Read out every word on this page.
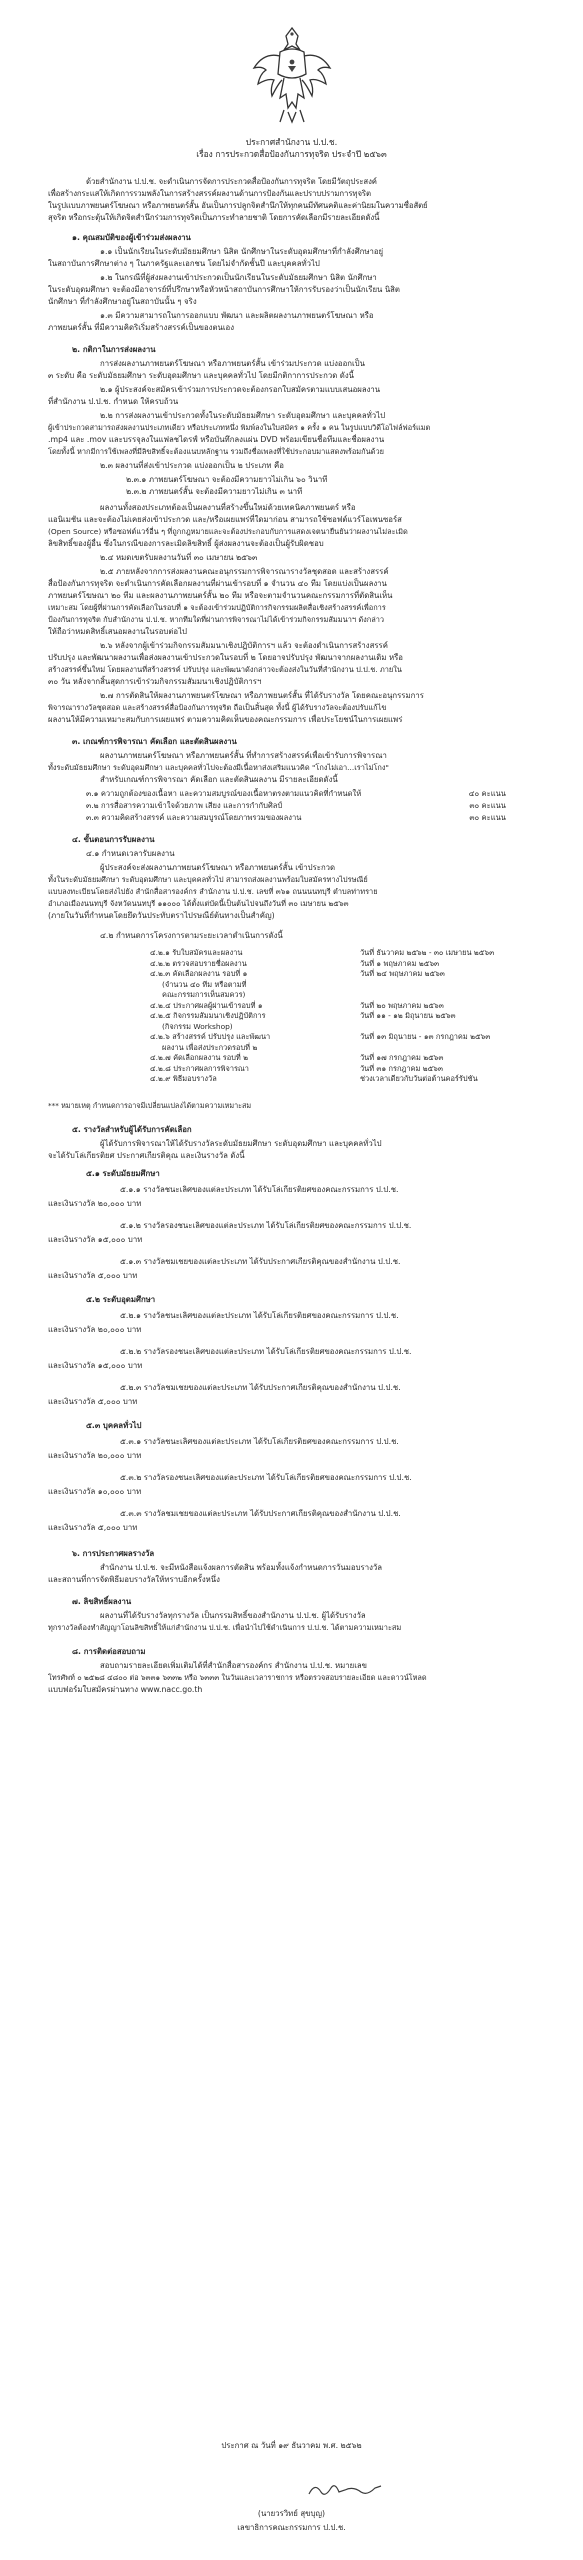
ประกาศสำนักงาน ป.ป.ช.
เรื่อง การประกวดสื่อป้องกันการทุจริต ประจำปี ๒๕๖๓
ด้วยสำนักงาน ป.ป.ช. จะดำเนินการจัดการประกวดสื่อป้องกันการทุจริต โดยมีวัตถุประสงค์
เพื่อสร้างกระแสให้เกิดการรวมพลังในการสร้างสรรค์ผลงานด้านการป้องกันและปราบปรามการทุจริต
ในรูปแบบภาพยนตร์โฆษณา หรือภาพยนตร์สั้น อันเป็นการปลูกจิตสำนึกให้ทุกคนมีทัศนคติและค่านิยมในความซื่อสัตย์
สุจริต หรือกระตุ้นให้เกิดจิตสำนึกร่วมการทุจริตเป็นภาระทำลายชาติ โดยการคัดเลือกมีรายละเอียดดังนี้
๑. คุณสมบัติของผู้เข้าร่วมส่งผลงาน
๑.๑ เป็นนักเรียนในระดับมัธยมศึกษา นิสิต นักศึกษาในระดับอุดมศึกษาที่กำลังศึกษาอยู่
ในสถาบันการศึกษาต่าง ๆ ในภาครัฐและเอกชน โดยไม่จำกัดชั้นปี และบุคคลทั่วไป
๑.๒ ในกรณีที่ผู้ส่งผลงานเข้าประกวดเป็นนักเรียนในระดับมัธยมศึกษา นิสิต นักศึกษา
ในระดับอุดมศึกษา จะต้องมีอาจารย์ที่ปรึกษาหรือหัวหน้าสถาบันการศึกษาให้การรับรองว่าเป็นนักเรียน นิสิต
นักศึกษา ที่กำลังศึกษาอยู่ในสถาบันนั้น ๆ จริง
๑.๓ มีความสามารถในการออกแบบ พัฒนา และผลิตผลงานภาพยนตร์โฆษณา หรือ
ภาพยนตร์สั้น ที่มีความคิดริเริ่มสร้างสรรค์เป็นของตนเอง
๒. กติกาในการส่งผลงาน
การส่งผลงานภาพยนตร์โฆษณา หรือภาพยนตร์สั้น เข้าร่วมประกวด แบ่งออกเป็น
๓ ระดับ คือ ระดับมัธยมศึกษา ระดับอุดมศึกษา และบุคคลทั่วไป โดยมีกติกาการประกวด ดังนี้
๒.๑ ผู้ประสงค์จะสมัครเข้าร่วมการประกวดจะต้องกรอกใบสมัครตามแบบเสนอผลงาน
ที่สำนักงาน ป.ป.ช. กำหนด ให้ครบถ้วน
๒.๒ การส่งผลงานเข้าประกวดทั้งในระดับมัธยมศึกษา ระดับอุดมศึกษา และบุคคลทั่วไป
ผู้เข้าประกวดสามารถส่งผลงานประเภทเดียว หรือประเภทหนึ่ง พิมพ์ลงในใบสมัคร ๑ ครั้ง ๑ คน ในรูปแบบวิดีโอไฟล์ฟอร์แมต
.mp4 และ .mov และบรรจุลงในแฟลชไดรฟ์ หรือบันทึกลงแผ่น DVD พร้อมเขียนชื่อทีมและชื่อผลงาน
โดยทั้งนี้ หากมีการใช้เพลงที่มีลิขสิทธิ์จะต้องแนบหลักฐาน รวมถึงชื่อเพลงที่ใช้ประกอบมาแสดงพร้อมกันด้วย
๒.๓ ผลงานที่ส่งเข้าประกวด แบ่งออกเป็น ๒ ประเภท คือ
๒.๓.๑ ภาพยนตร์โฆษณา จะต้องมีความยาวไม่เกิน ๖๐ วินาที
๒.๓.๒ ภาพยนตร์สั้น จะต้องมีความยาวไม่เกิน ๓ นาที
ผลงานทั้งสองประเภทต้องเป็นผลงานที่สร้างขึ้นใหม่ด้วยเทคนิคภาพยนตร์ หรือ
แอนิเมชัน และจะต้องไม่เคยส่งเข้าประกวด และ/หรือเผยแพร่ที่ใดมาก่อน สามารถใช้ซอฟต์แวร์โอเพนซอร์ส
(Open Source) หรือซอฟต์แวร์อื่น ๆ ที่ถูกกฎหมายและจะต้องประกอบกับการแสดงเจตนายืนยันว่าผลงานไม่ละเมิด
ลิขสิทธิ์ของผู้อื่น ซึ่งในกรณีของการละเมิดลิขสิทธิ์ ผู้ส่งผลงานจะต้องเป็นผู้รับผิดชอบ
๒.๔ หมดเขตรับผลงานวันที่ ๓๐ เมษายน ๒๕๖๓
๒.๕ ภายหลังจากการส่งผลงานคณะอนุกรรมการพิจารณารางวัลชุดสอด และสร้างสรรค์
สื่อป้องกันการทุจริต จะดำเนินการคัดเลือกผลงานที่ผ่านเข้ารอบที่ ๑ จำนวน ๔๐ ทีม โดยแบ่งเป็นผลงาน
ภาพยนตร์โฆษณา ๒๐ ทีม และผลงานภาพยนตร์สั้น ๒๐ ทีม หรือจะตามจำนวนคณะกรรมการที่ตัดสินเห็น
เหมาะสม โดยผู้ที่ผ่านการคัดเลือกในรอบที่ ๑ จะต้องเข้าร่วมปฏิบัติการกิจกรรมผลิตสื่อเชิงสร้างสรรค์เพื่อการ
ป้องกันการทุจริต กับสำนักงาน ป.ป.ช. หากทีมใดที่ผ่านการพิจารณาไม่ได้เข้าร่วมกิจกรรมสัมมนาฯ ดังกล่าว
ให้ถือว่าหมดสิทธิ์เสนอผลงานในรอบต่อไป
๒.๖ หลังจากผู้เข้าร่วมกิจกรรมสัมมนาเชิงปฏิบัติการฯ แล้ว จะต้องดำเนินการสร้างสรรค์
ปรับปรุง และพัฒนาผลงานเพื่อส่งผลงานเข้าประกวดในรอบที่ ๒ โดยอาจปรับปรุง พัฒนาจากผลงานเดิม หรือ
สร้างสรรค์ขึ้นใหม่ โดยผลงานที่สร้างสรรค์ ปรับปรุง และพัฒนาดังกล่าวจะต้องส่งในวันที่สำนักงาน ป.ป.ช. ภายใน
๓๐ วัน หลังจากสิ้นสุดการเข้าร่วมกิจกรรมสัมมนาเชิงปฏิบัติการฯ
๒.๗ การตัดสินให้ผลงานภาพยนตร์โฆษณา หรือภาพยนตร์สั้น ที่ได้รับรางวัล โดยคณะอนุกรรมการ
พิจารณารางวัลชุดสอด และสร้างสรรค์สื่อป้องกันการทุจริต ถือเป็นสิ้นสุด ทั้งนี้ ผู้ได้รับรางวัลจะต้องปรับแก้ไข
ผลงานให้มีความเหมาะสมกับการเผยแพร่ ตามความคิดเห็นของคณะกรรมการ เพื่อประโยชน์ในการเผยแพร่
๓. เกณฑ์การพิจารณา คัดเลือก และตัดสินผลงาน
ผลงานภาพยนตร์โฆษณา หรือภาพยนตร์สั้น ที่ทำการสร้างสรรค์เพื่อเข้ารับการพิจารณา
ทั้งระดับมัธยมศึกษา ระดับอุดมศึกษา และบุคคลทั่วไปจะต้องมีเนื้อหาส่งเสริมแนวคิด "โกงไม่เอา...เราไม่โกง"
สำหรับเกณฑ์การพิจารณา คัดเลือก และตัดสินผลงาน มีรายละเอียดดังนี้
๓.๑ ความถูกต้องของเนื้อหา และความสมบูรณ์ของเนื้อหาตรงตามแนวคิดที่กำหนดให้	๔๐ คะแนน
๓.๒ การสื่อสารความเข้าใจด้วยภาพ เสียง และการกำกับศิลป์	๓๐ คะแนน
๓.๓ ความคิดสร้างสรรค์ และความสมบูรณ์โดยภาพรวมของผลงาน	๓๐ คะแนน
๔. ขั้นตอนการรับผลงาน
๔.๑ กำหนดเวลารับผลงาน
ผู้ประสงค์จะส่งผลงานภาพยนตร์โฆษณา หรือภาพยนตร์สั้น เข้าประกวด
ทั้งในระดับมัธยมศึกษา ระดับอุดมศึกษา และบุคคลทั่วไป สามารถส่งผลงานพร้อมใบสมัครทางไปรษณีย์
แบบลงทะเบียนโดยส่งไปยัง สำนักสื่อสารองค์กร สำนักงาน ป.ป.ช. เลขที่ ๓๖๑ ถนนนนทบุรี ตำบลท่าทราย
อำเภอเมืองนนทบุรี จังหวัดนนทบุรี ๑๑๐๐๐ ได้ตั้งแต่บัดนี้เป็นต้นไปจนถึงวันที่ ๓๐ เมษายน ๒๕๖๓
(ภายในวันที่กำหนดโดยยึดวันประทับตราไปรษณีย์ต้นทางเป็นสำคัญ)
๔.๒ กำหนดการโครงการตามระยะเวลาดำเนินการดังนี้
๔.๒.๑ รับใบสมัครและผลงาน	วันที่ ธันวาคม ๒๕๖๒ - ๓๐ เมษายน ๒๕๖๓
๔.๒.๒ ตรวจสอบรายชื่อผลงาน	วันที่ ๑ พฤษภาคม ๒๕๖๓
๔.๒.๓ คัดเลือกผลงาน รอบที่ ๑	วันที่ ๒๔ พฤษภาคม ๒๕๖๓
(จำนวน ๔๐ ทีม หรือตามที่
คณะกรรมการเห็นสมควร)
๔.๒.๔ ประกาศผลผู้ผ่านเข้ารอบที่ ๑	วันที่ ๒๐ พฤษภาคม ๒๕๖๓
๔.๒.๕ กิจกรรมสัมมนาเชิงปฏิบัติการ	วันที่ ๑๑ - ๑๒ มิถุนายน ๒๕๖๓
(กิจกรรม Workshop)
๔.๒.๖ สร้างสรรค์ ปรับปรุง และพัฒนา	วันที่ ๑๓ มิถุนายน - ๑๓ กรกฎาคม ๒๕๖๓
ผลงาน เพื่อส่งประกวดรอบที่ ๒
๔.๒.๗ คัดเลือกผลงาน รอบที่ ๒	วันที่ ๑๗ กรกฎาคม ๒๕๖๓
๔.๒.๘ ประกาศผลการพิจารณา	วันที่ ๓๑ กรกฎาคม ๒๕๖๓
๔.๒.๙ พิธีมอบรางวัล	ช่วงเวลาเดียวกับวันต่อต้านคอร์รัปชัน
*** หมายเหตุ กำหนดการอาจมีเปลี่ยนแปลงได้ตามความเหมาะสม
๕. รางวัลสำหรับผู้ได้รับการคัดเลือก
ผู้ได้รับการพิจารณาให้ได้รับรางวัลระดับมัธยมศึกษา ระดับอุดมศึกษา และบุคคลทั่วไป
จะได้รับโล่เกียรติยศ ประกาศเกียรติคุณ และเงินรางวัล ดังนี้
๕.๑ ระดับมัธยมศึกษา
๕.๑.๑ รางวัลชนะเลิศของแต่ละประเภท ได้รับโล่เกียรติยศของคณะกรรมการ ป.ป.ช.
และเงินรางวัล ๒๐,๐๐๐ บาท
๕.๑.๒ รางวัลรองชนะเลิศของแต่ละประเภท ได้รับโล่เกียรติยศของคณะกรรมการ ป.ป.ช.
และเงินรางวัล ๑๕,๐๐๐ บาท
๕.๑.๓ รางวัลชมเชยของแต่ละประเภท ได้รับประกาศเกียรติคุณของสำนักงาน ป.ป.ช.
และเงินรางวัล ๕,๐๐๐ บาท
๕.๒ ระดับอุดมศึกษา
๕.๒.๑ รางวัลชนะเลิศของแต่ละประเภท ได้รับโล่เกียรติยศของคณะกรรมการ ป.ป.ช.
และเงินรางวัล ๒๐,๐๐๐ บาท
๕.๒.๒ รางวัลรองชนะเลิศของแต่ละประเภท ได้รับโล่เกียรติยศของคณะกรรมการ ป.ป.ช.
และเงินรางวัล ๑๕,๐๐๐ บาท
๕.๒.๓ รางวัลชมเชยของแต่ละประเภท ได้รับประกาศเกียรติคุณของสำนักงาน ป.ป.ช.
และเงินรางวัล ๕,๐๐๐ บาท
๕.๓ บุคคลทั่วไป
๕.๓.๑ รางวัลชนะเลิศของแต่ละประเภท ได้รับโล่เกียรติยศของคณะกรรมการ ป.ป.ช.
และเงินรางวัล ๒๐,๐๐๐ บาท
๕.๓.๒ รางวัลรองชนะเลิศของแต่ละประเภท ได้รับโล่เกียรติยศของคณะกรรมการ ป.ป.ช.
และเงินรางวัล ๑๐,๐๐๐ บาท
๕.๓.๓ รางวัลชมเชยของแต่ละประเภท ได้รับประกาศเกียรติคุณของสำนักงาน ป.ป.ช.
และเงินรางวัล ๕,๐๐๐ บาท
๖. การประกาศผลรางวัล
สำนักงาน ป.ป.ช. จะมีหนังสือแจ้งผลการตัดสิน พร้อมทั้งแจ้งกำหนดการวันมอบรางวัล
และสถานที่การจัดพิธีมอบรางวัลให้ทราบอีกครั้งหนึ่ง
๗. ลิขสิทธิ์ผลงาน
ผลงานที่ได้รับรางวัลทุกรางวัล เป็นกรรมสิทธิ์ของสำนักงาน ป.ป.ช. ผู้ได้รับรางวัล
ทุกรางวัลต้องทำสัญญาโอนลิขสิทธิ์ให้แก่สำนักงาน ป.ป.ช. เพื่อนำไปใช้ดำเนินการ ป.ป.ช. ได้ตามความเหมาะสม
๘. การติดต่อสอบถาม
สอบถามรายละเอียดเพิ่มเติมได้ที่สำนักสื่อสารองค์กร สำนักงาน ป.ป.ช. หมายเลข
โทรศัพท์ ๐ ๒๕๒๘ ๔๘๐๐ ต่อ ๖๓๓๑ ๖๓๓๒ หรือ ๖๓๓๓ ในวันและเวลาราชการ หรือตรวจสอบรายละเอียด และดาวน์โหลด
แบบฟอร์มใบสมัครผ่านทาง www.nacc.go.th
ประกาศ ณ วันที่ ๑๙ ธันวาคม พ.ศ. ๒๕๖๒
(นายวรวิทย์ สุขบุญ)
เลขาธิการคณะกรรมการ ป.ป.ช.
